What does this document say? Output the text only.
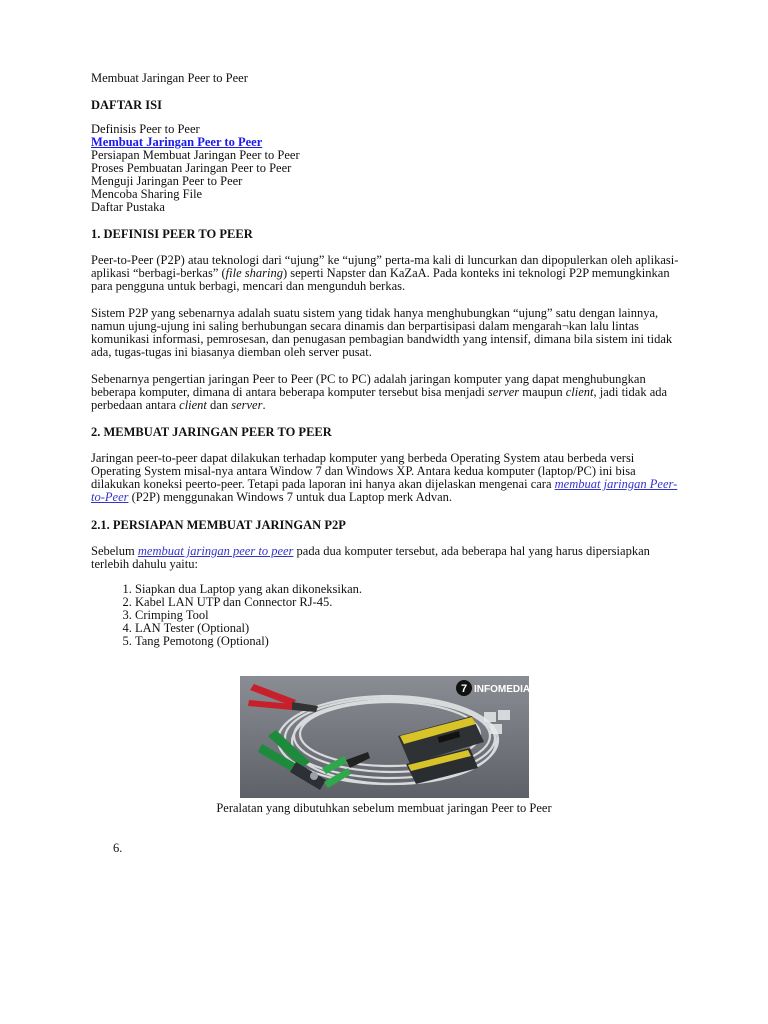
Membuat Jaringan Peer to Peer

DAFTAR ISI

Definisis Peer to Peer
Membuat Jaringan Peer to Peer
Persiapan Membuat Jaringan Peer to Peer
Proses Pembuatan Jaringan Peer to Peer
Menguji Jaringan Peer to Peer
Mencoba Sharing File
Daftar Pustaka

1. DEFINISI PEER TO PEER

Peer-to-Peer (P2P) atau teknologi dari “ujung” ke “ujung” perta-ma kali di luncurkan dan dipopulerkan oleh aplikasi-aplikasi “berbagi-berkas” (file sharing) seperti Napster dan KaZaA. Pada konteks ini teknologi P2P memungkinkan para pengguna untuk berbagi, mencari dan mengunduh berkas.

Sistem P2P yang sebenarnya adalah suatu sistem yang tidak hanya menghubungkan “ujung” satu dengan lainnya, namun ujung-ujung ini saling berhubungan secara dinamis dan berpartisipasi dalam mengarah¬kan lalu lintas komunikasi informasi, pemrosesan, dan penugasan pembagian bandwidth yang intensif, dimana bila sistem ini tidak ada, tugas-tugas ini biasanya diemban oleh server pusat.

Sebenarnya pengertian jaringan Peer to Peer (PC to PC) adalah jaringan komputer yang dapat menghubungkan beberapa komputer, dimana di antara beberapa komputer tersebut bisa menjadi server maupun client, jadi tidak ada perbedaan antara client dan server.

2. MEMBUAT JARINGAN PEER TO PEER

Jaringan peer-to-peer dapat dilakukan terhadap komputer yang berbeda Operating System atau berbeda versi Operating System misal-nya antara Window 7 dan Windows XP. Antara kedua komputer (laptop/PC) ini bisa dilakukan koneksi peerto-peer. Tetapi pada laporan ini hanya akan dijelaskan mengenai cara membuat jaringan Peer-to-Peer (P2P) menggunakan Windows 7 untuk dua Laptop merk Advan.

2.1. PERSIAPAN MEMBUAT JARINGAN P2P

Sebelum membuat jaringan peer to peer pada dua komputer tersebut, ada beberapa hal yang harus dipersiapkan terlebih dahulu yaitu:

1. Siapkan dua Laptop yang akan dikoneksikan.
2. Kabel LAN UTP dan Connector RJ-45.
3. Crimping Tool
4. LAN Tester (Optional)
5. Tang Pemotong (Optional)
7 INFOMEDIA

Peralatan yang dibutuhkan sebelum membuat jaringan Peer to Peer

6.
